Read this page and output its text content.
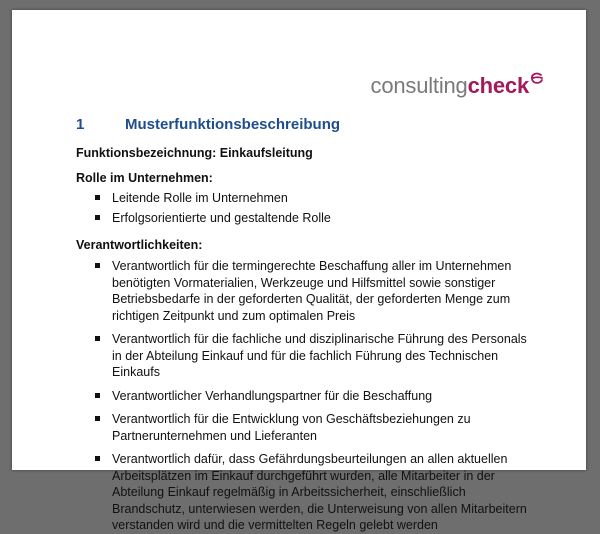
consultingcheck
1	Musterfunktionsbeschreibung
Funktionsbezeichnung: Einkaufsleitung
Rolle im Unternehmen:
Leitende Rolle im Unternehmen
Erfolgsorientierte und gestaltende Rolle
Verantwortlichkeiten:
Verantwortlich für die termingerechte Beschaffung aller im Unternehmen benötigten Vormaterialien, Werkzeuge und Hilfsmittel sowie sonstiger Betriebsbedarfe in der geforderten Qualität, der geforderten Menge zum richtigen Zeitpunkt und zum optimalen Preis
Verantwortlich für die fachliche und disziplinarische Führung des Personals in der Abteilung Einkauf und für die fachlich Führung des Technischen Einkaufs
Verantwortlicher Verhandlungspartner für die Beschaffung
Verantwortlich für die Entwicklung von Geschäftsbeziehungen zu Partnerunternehmen und Lieferanten
Verantwortlich dafür, dass Gefährdungsbeurteilungen an allen aktuellen Arbeitsplätzen im Einkauf durchgeführt wurden, alle Mitarbeiter in der Abteilung Einkauf regelmäßig in Arbeitssicherheit, einschließlich Brandschutz, unterwiesen werden, die Unterweisung von allen Mitarbeitern verstanden wird und die vermittelten Regeln gelebt werden
